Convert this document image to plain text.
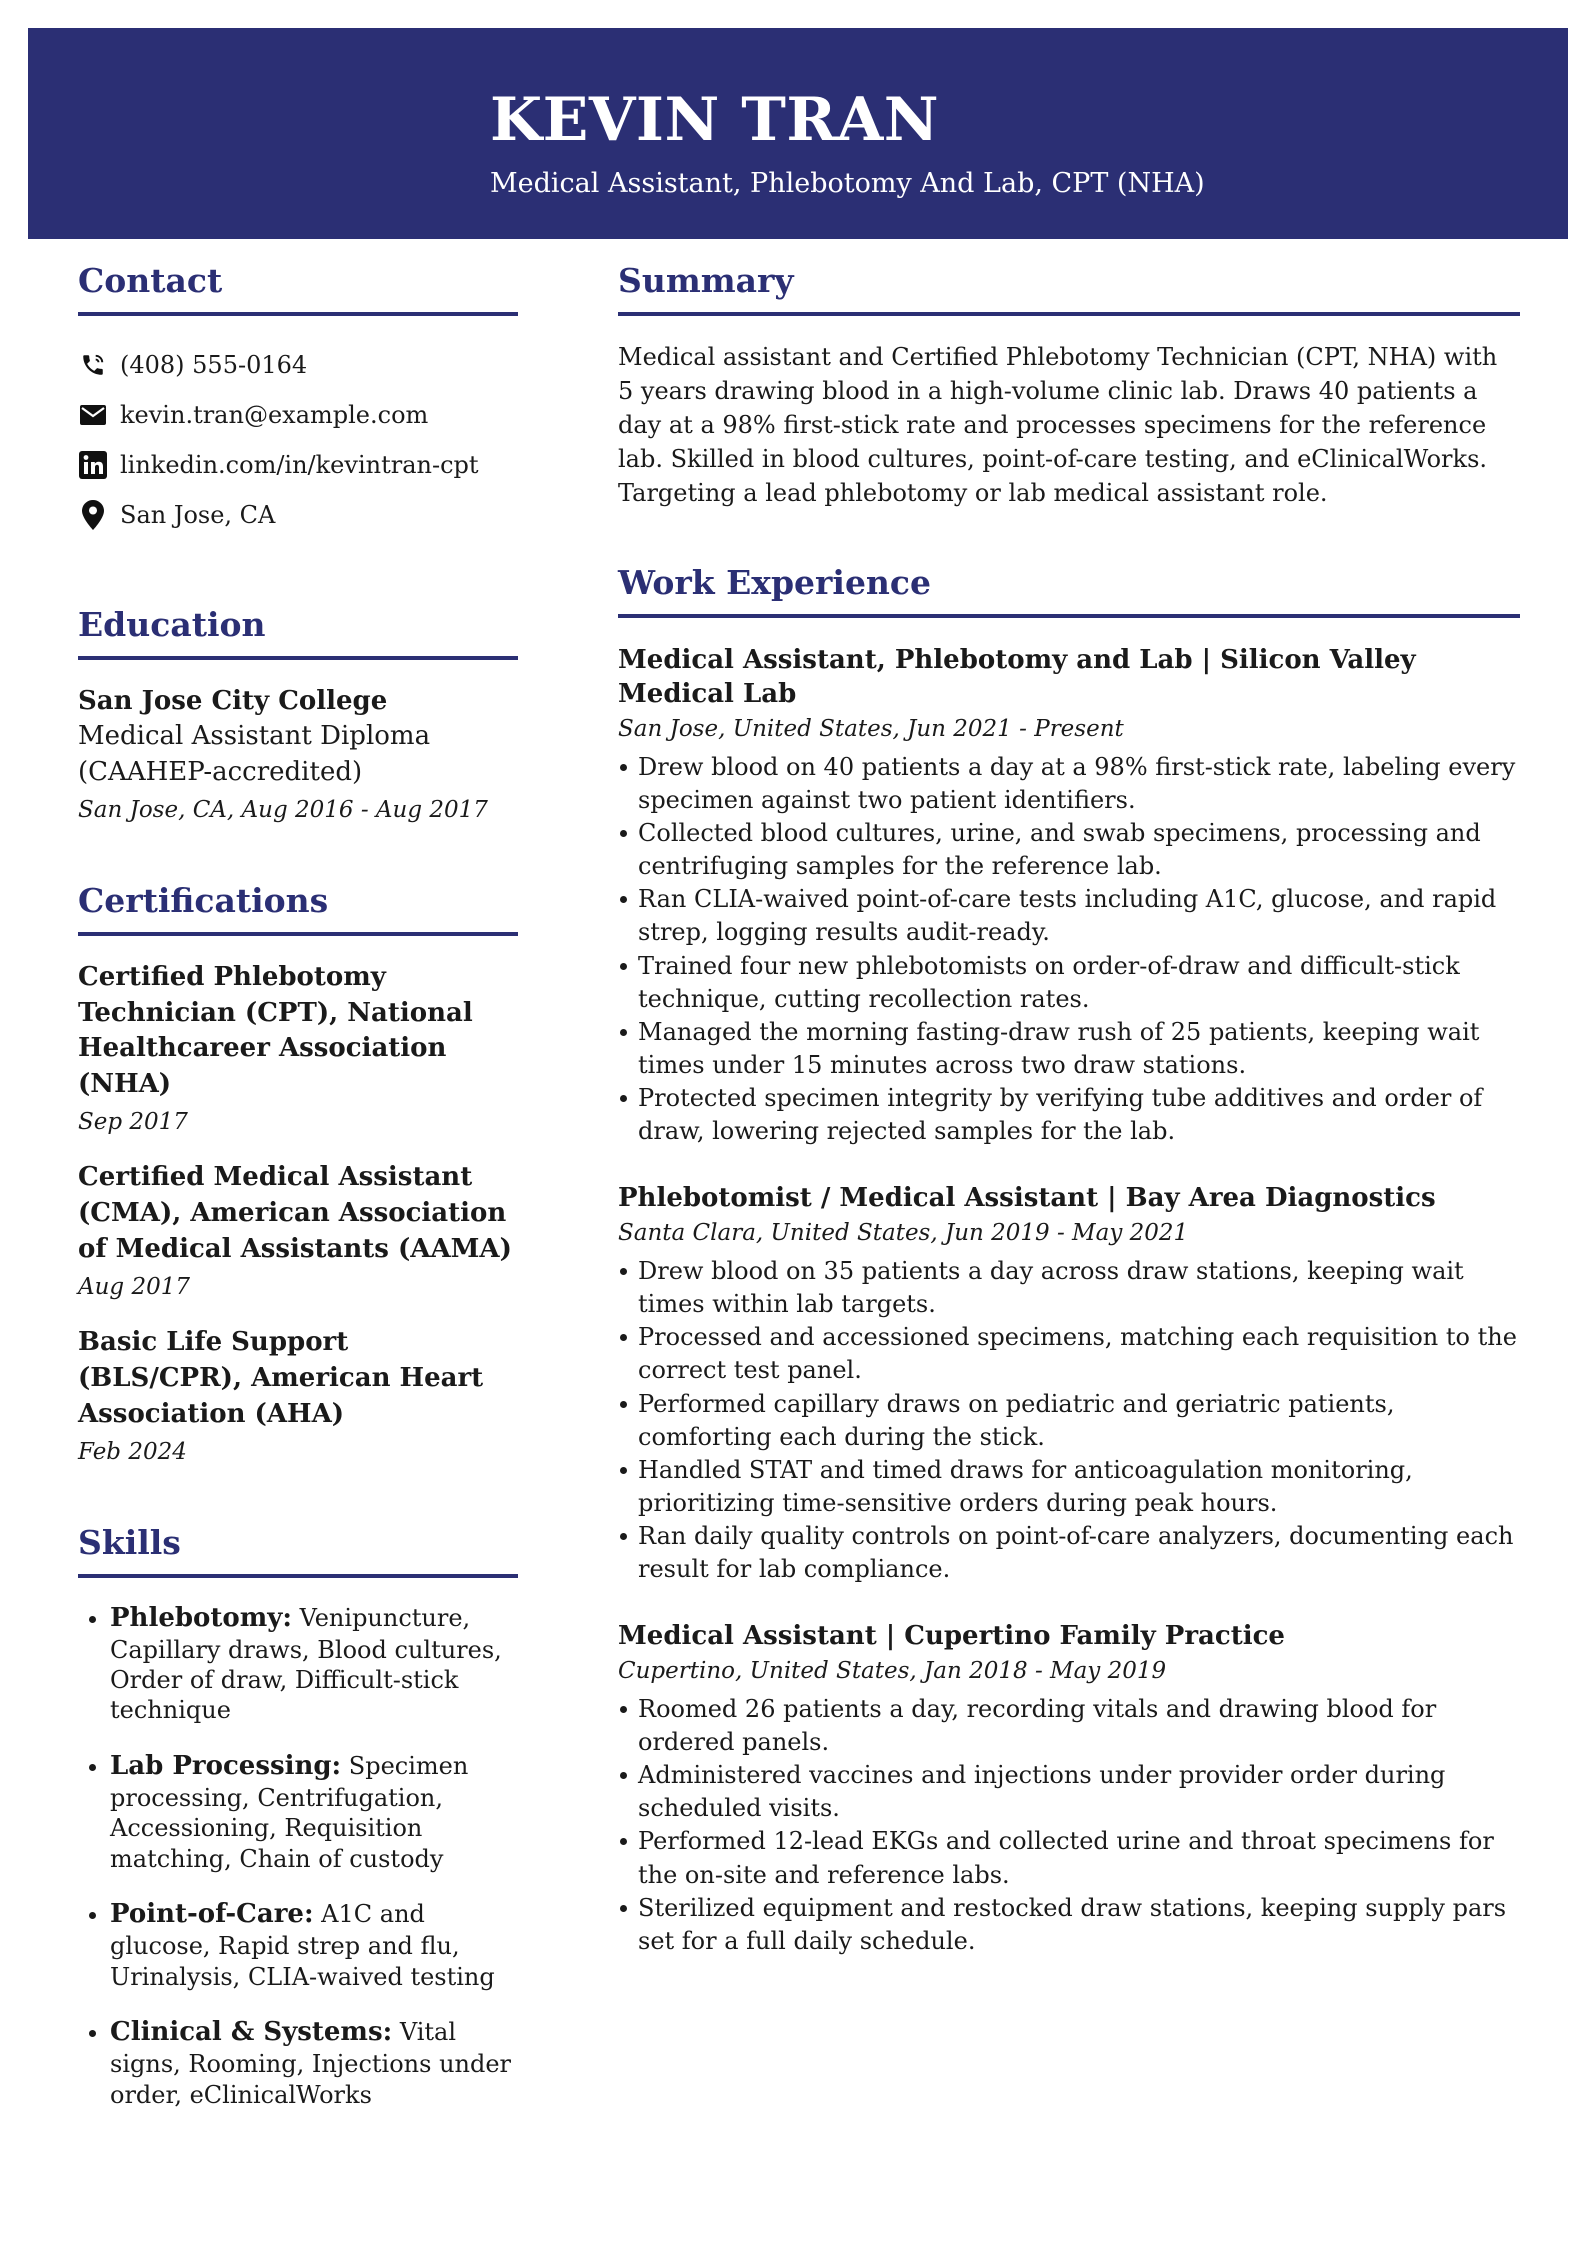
KEVIN TRAN

Medical Assistant, Phlebotomy And Lab, CPT (NHA)

Contact
(408) 555-0164
kevin.tran@example.com
linkedin.com/in/kevintran-cpt
San Jose, CA
Education

San Jose City College

Medical Assistant Diploma (CAAHEP-accredited)

San Jose, CA, Aug 2016 - Aug 2017

Certifications

Certified Phlebotomy Technician (CPT), National Healthcareer Association (NHA)

Sep 2017

Certified Medical Assistant (CMA), American Association of Medical Assistants (AAMA)

Aug 2017

Basic Life Support (BLS/CPR), American Heart Association (AHA)

Feb 2024

Skills
• Phlebotomy: Venipuncture, Capillary draws, Blood cultures, Order of draw, Difficult-stick technique
• Lab Processing: Specimen processing, Centrifugation, Accessioning, Requisition matching, Chain of custody
• Point-of-Care: A1C and glucose, Rapid strep and flu, Urinalysis, CLIA-waived testing
• Clinical & Systems: Vital signs, Rooming, Injections under order, eClinicalWorks
Summary

Medical assistant and Certified Phlebotomy Technician (CPT, NHA) with 5 years drawing blood in a high-volume clinic lab. Draws 40 patients a day at a 98% first-stick rate and processes specimens for the reference lab. Skilled in blood cultures, point-of-care testing, and eClinicalWorks. Targeting a lead phlebotomy or lab medical assistant role.

Work Experience

Medical Assistant, Phlebotomy and Lab | Silicon Valley Medical Lab

San Jose, United States, Jun 2021 - Present

Drew blood on 40 patients a day at a 98% first-stick rate, labeling every specimen against two patient identifiers.
Collected blood cultures, urine, and swab specimens, processing and centrifuging samples for the reference lab.
Ran CLIA-waived point-of-care tests including A1C, glucose, and rapid strep, logging results audit-ready.
Trained four new phlebotomists on order-of-draw and difficult-stick technique, cutting recollection rates.
Managed the morning fasting-draw rush of 25 patients, keeping wait times under 15 minutes across two draw stations.
Protected specimen integrity by verifying tube additives and order of draw, lowering rejected samples for the lab.

Phlebotomist / Medical Assistant | Bay Area Diagnostics

Santa Clara, United States, Jun 2019 - May 2021

Drew blood on 35 patients a day across draw stations, keeping wait times within lab targets.
Processed and accessioned specimens, matching each requisition to the correct test panel.
Performed capillary draws on pediatric and geriatric patients, comforting each during the stick.
Handled STAT and timed draws for anticoagulation monitoring, prioritizing time-sensitive orders during peak hours.
Ran daily quality controls on point-of-care analyzers, documenting each result for lab compliance.

Medical Assistant | Cupertino Family Practice

Cupertino, United States, Jan 2018 - May 2019

Roomed 26 patients a day, recording vitals and drawing blood for ordered panels.
Administered vaccines and injections under provider order during scheduled visits.
Performed 12-lead EKGs and collected urine and throat specimens for the on-site and reference labs.
Sterilized equipment and restocked draw stations, keeping supply pars set for a full daily schedule.
